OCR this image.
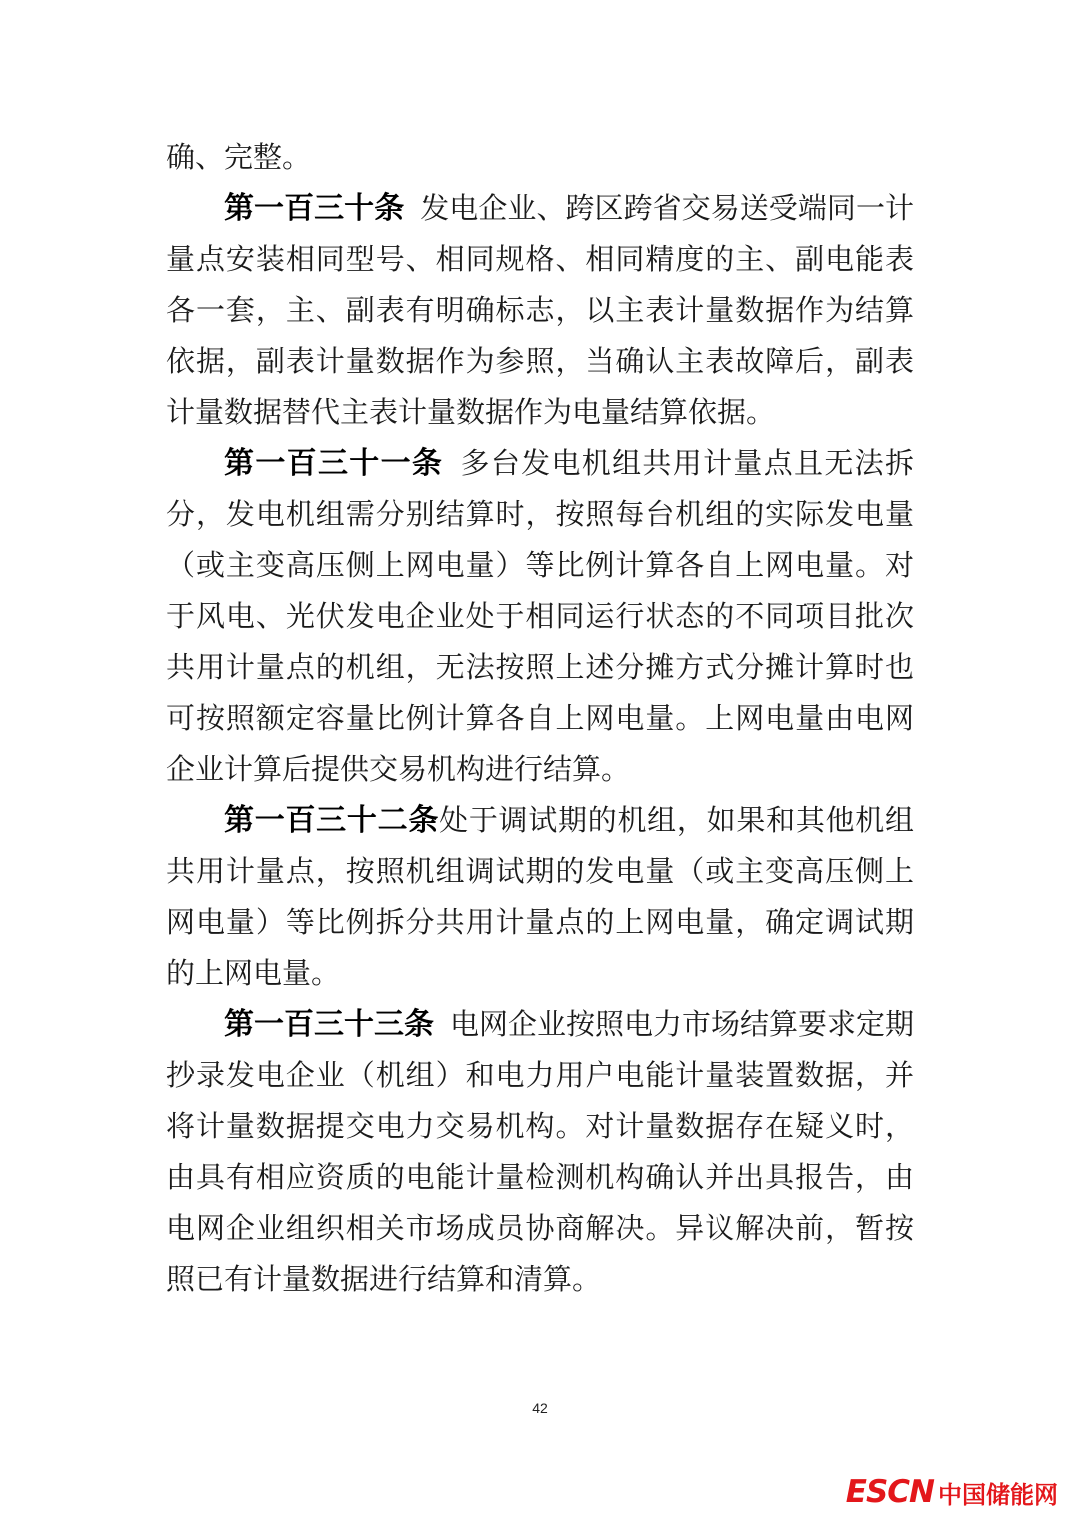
确、完整。

第一百三十条 发电企业、跨区跨省交易送受端同一计量点安装相同型号、相同规格、相同精度的主、副电能表各一套，主、副表有明确标志，以主表计量数据作为结算依据，副表计量数据作为参照，当确认主表故障后，副表计量数据替代主表计量数据作为电量结算依据。

第一百三十一条 多台发电机组共用计量点且无法拆分，发电机组需分别结算时，按照每台机组的实际发电量（或主变高压侧上网电量）等比例计算各自上网电量。对于风电、光伏发电企业处于相同运行状态的不同项目批次共用计量点的机组，无法按照上述分摊方式分摊计算时也可按照额定容量比例计算各自上网电量。上网电量由电网企业计算后提供交易机构进行结算。

第一百三十二条处于调试期的机组，如果和其他机组共用计量点，按照机组调试期的发电量（或主变高压侧上网电量）等比例拆分共用计量点的上网电量，确定调试期的上网电量。

第一百三十三条 电网企业按照电力市场结算要求定期抄录发电企业（机组）和电力用户电能计量装置数据，并将计量数据提交电力交易机构。对计量数据存在疑义时，由具有相应资质的电能计量检测机构确认并出具报告，由电网企业组织相关市场成员协商解决。异议解决前，暂按照已有计量数据进行结算和清算。

42
ESCN 中国储能网
